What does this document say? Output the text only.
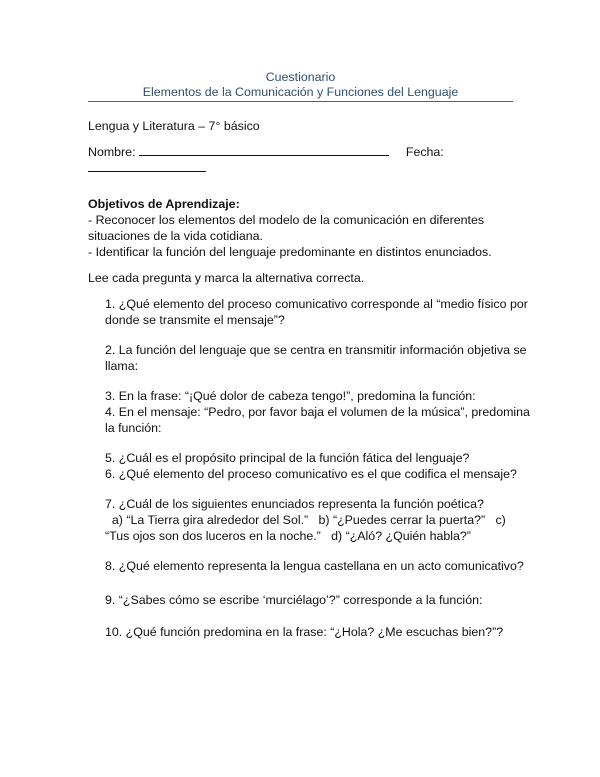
Cuestionario
Elementos de la Comunicación y Funciones del Lenguaje
Lengua y Literatura – 7° básico
Nombre:	Fecha:
Objetivos de Aprendizaje:
- Reconocer los elementos del modelo de la comunicación en diferentes
situaciones de la vida cotidiana.
- Identificar la función del lenguaje predominante en distintos enunciados.
Lee cada pregunta y marca la alternativa correcta.
1. ¿Qué elemento del proceso comunicativo corresponde al “medio físico por
donde se transmite el mensaje”?
2. La función del lenguaje que se centra en transmitir información objetiva se
llama:
3. En la frase: “¡Qué dolor de cabeza tengo!”, predomina la función:
4. En el mensaje: “Pedro, por favor baja el volumen de la música”, predomina
la función:
5. ¿Cuál es el propósito principal de la función fática del lenguaje?
6. ¿Qué elemento del proceso comunicativo es el que codifica el mensaje?
7. ¿Cuál de los siguientes enunciados representa la función poética?
a) “La Tierra gira alrededor del Sol.”   b) “¿Puedes cerrar la puerta?”   c)
“Tus ojos son dos luceros en la noche.”   d) “¿Aló? ¿Quién habla?”
8. ¿Qué elemento representa la lengua castellana en un acto comunicativo?
9. “¿Sabes cómo se escribe ‘murciélago’?” corresponde a la función:
10. ¿Qué función predomina en la frase: “¿Hola? ¿Me escuchas bien?”?
